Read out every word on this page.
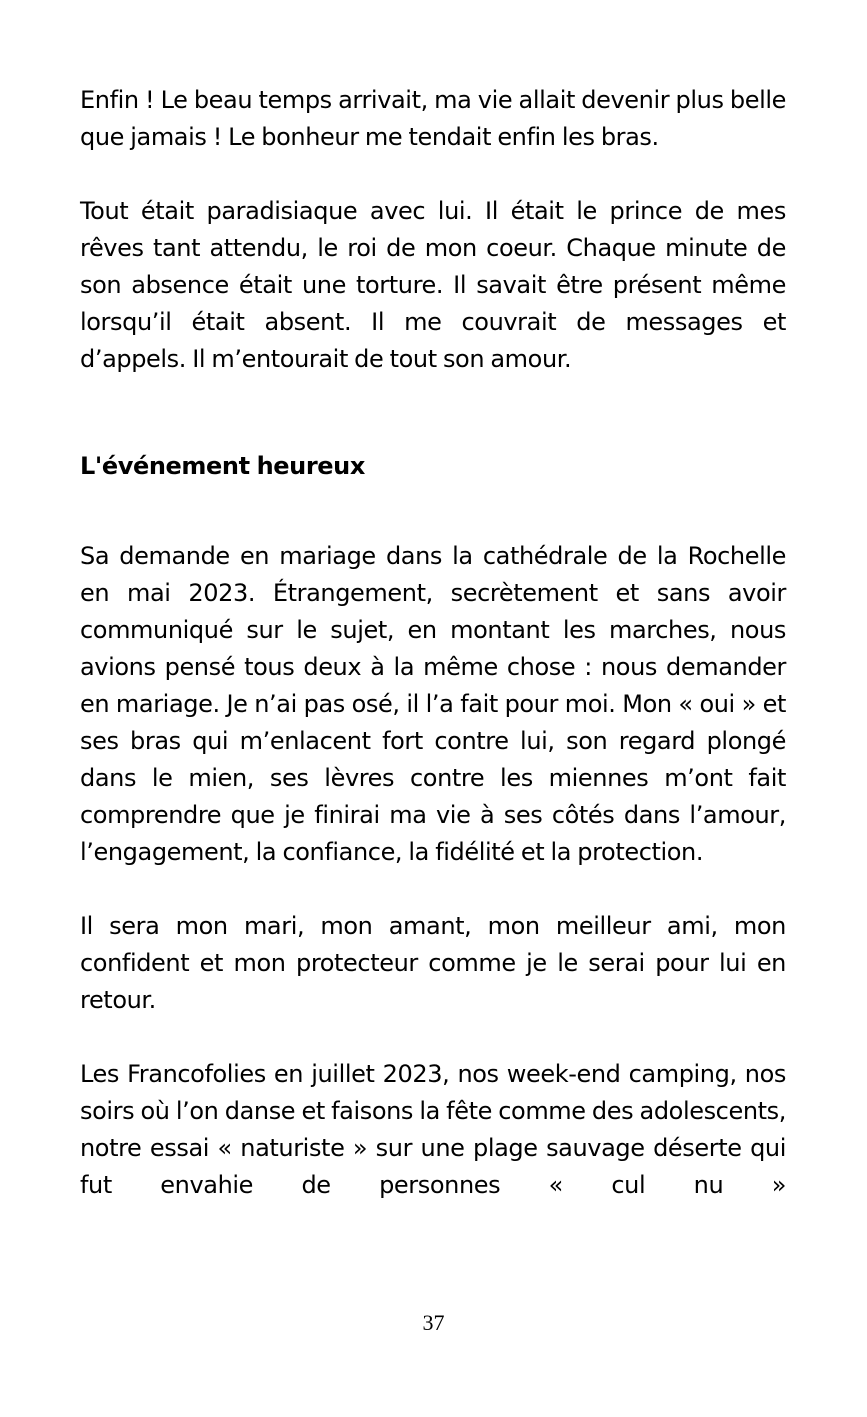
Enfin ! Le beau temps arrivait, ma vie allait devenir plus belle que jamais ! Le bonheur me tendait enfin les bras.

Tout était paradisiaque avec lui. Il était le prince de mes rêves tant attendu, le roi de mon coeur. Chaque minute de son absence était une torture. Il savait être présent même lorsqu’il était absent. Il me couvrait de messages et d’appels. Il m’entourait de tout son amour.

L'événement heureux

Sa demande en mariage dans la cathédrale de la Rochelle en mai 2023. Étrangement, secrètement et sans avoir communiqué sur le sujet, en montant les marches, nous avions pensé tous deux à la même chose : nous demander en mariage. Je n’ai pas osé, il l’a fait pour moi. Mon « oui » et ses bras qui m’enlacent fort contre lui, son regard plongé dans le mien, ses lèvres contre les miennes m’ont fait comprendre que je finirai ma vie à ses côtés dans l’amour, l’engagement, la confiance, la fidélité et la protection.

Il sera mon mari, mon amant, mon meilleur ami, mon confident et mon protecteur comme je le serai pour lui en retour.

Les Francofolies en juillet 2023, nos week-end camping, nos soirs où l’on danse et faisons la fête comme des adolescents, notre essai « naturiste » sur une plage sauvage déserte qui fut envahie de personnes « cul nu »

37
